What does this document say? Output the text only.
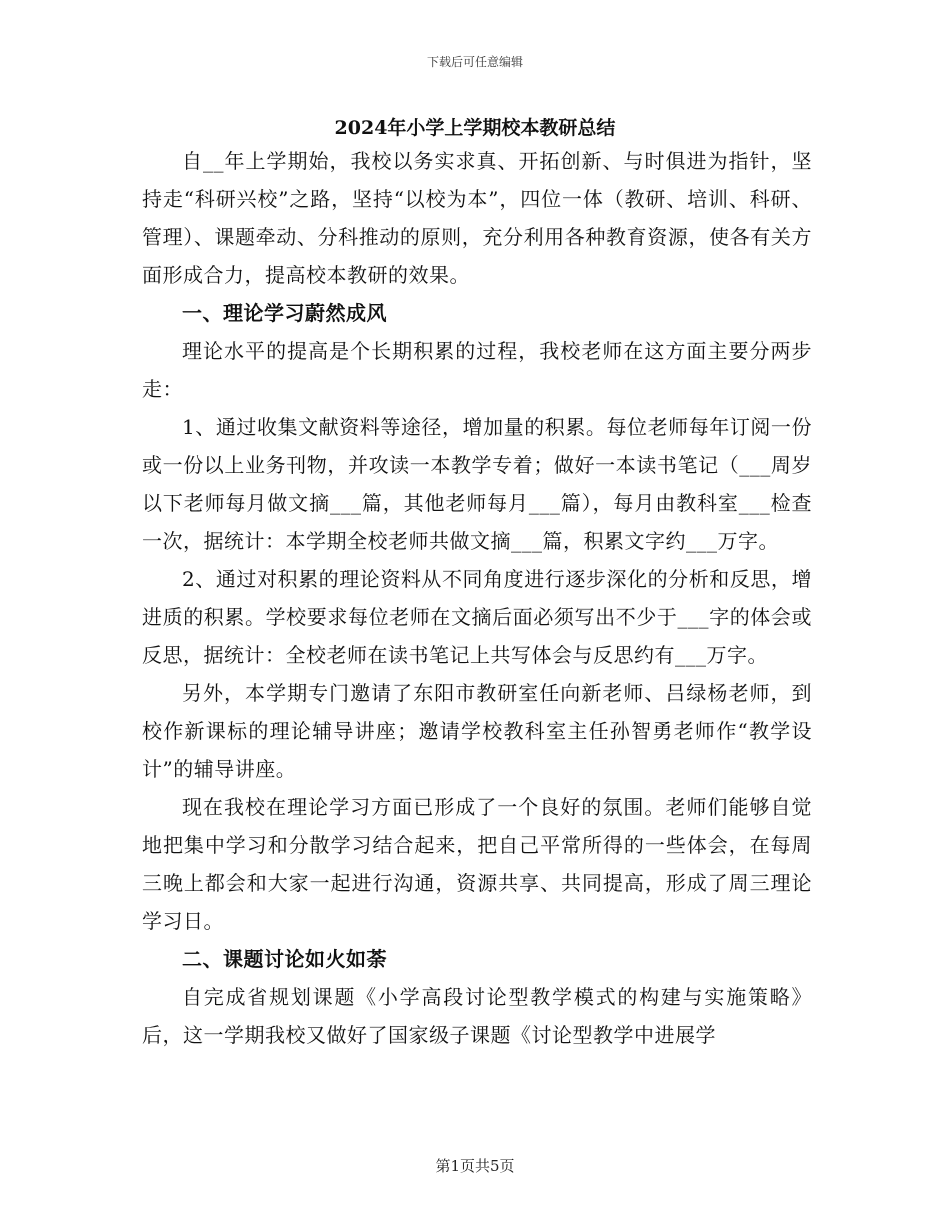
下载后可任意编辑
2024年小学上学期校本教研总结

自__年上学期始，我校以务实求真、开拓创新、与时俱进为指针，坚持走“科研兴校”之路，坚持“以校为本”，四位一体（教研、培训、科研、管理）、课题牵动、分科推动的原则，充分利用各种教育资源，使各有关方面形成合力，提高校本教研的效果。

一、理论学习蔚然成风

理论水平的提高是个长期积累的过程，我校老师在这方面主要分两步走：

1、通过收集文献资料等途径，增加量的积累。每位老师每年订阅一份或一份以上业务刊物，并攻读一本教学专着；做好一本读书笔记（___周岁以下老师每月做文摘___篇，其他老师每月___篇），每月由教科室___检查一次，据统计：本学期全校老师共做文摘___篇，积累文字约___万字。

2、通过对积累的理论资料从不同角度进行逐步深化的分析和反思，增进质的积累。学校要求每位老师在文摘后面必须写出不少于___字的体会或反思，据统计：全校老师在读书笔记上共写体会与反思约有___万字。

另外，本学期专门邀请了东阳市教研室任向新老师、吕绿杨老师，到校作新课标的理论辅导讲座；邀请学校教科室主任孙智勇老师作“教学设计”的辅导讲座。

现在我校在理论学习方面已形成了一个良好的氛围。老师们能够自觉地把集中学习和分散学习结合起来，把自己平常所得的一些体会，在每周三晚上都会和大家一起进行沟通，资源共享、共同提高，形成了周三理论学习日。

二、课题讨论如火如荼

自完成省规划课题《小学高段讨论型教学模式的构建与实施策略》后，这一学期我校又做好了国家级子课题《讨论型教学中进展学

第1页共5页
